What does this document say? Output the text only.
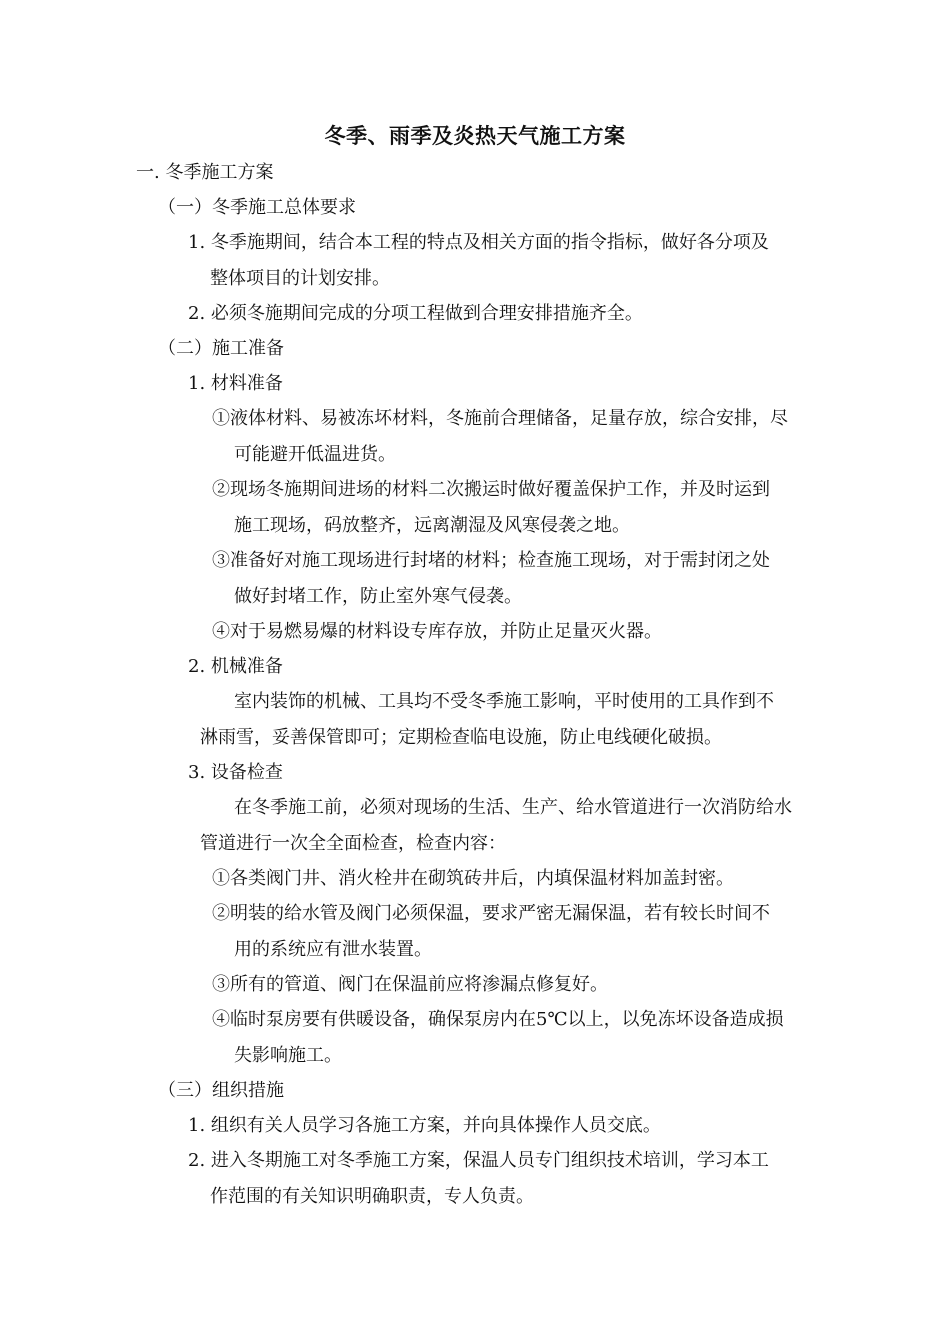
冬季、雨季及炎热天气施工方案
一. 冬季施工方案
（一）冬季施工总体要求
1. 冬季施期间，结合本工程的特点及相关方面的指令指标，做好各分项及
整体项目的计划安排。
2. 必须冬施期间完成的分项工程做到合理安排措施齐全。
（二）施工准备
1. 材料准备
①液体材料、易被冻坏材料，冬施前合理储备，足量存放，综合安排，尽
可能避开低温进货。
②现场冬施期间进场的材料二次搬运时做好覆盖保护工作，并及时运到
施工现场，码放整齐，远离潮湿及风寒侵袭之地。
③准备好对施工现场进行封堵的材料；检查施工现场，对于需封闭之处
做好封堵工作，防止室外寒气侵袭。
④对于易燃易爆的材料设专库存放，并防止足量灭火器。
2. 机械准备
室内装饰的机械、工具均不受冬季施工影响，平时使用的工具作到不
淋雨雪，妥善保管即可；定期检查临电设施，防止电线硬化破损。
3. 设备检查
在冬季施工前，必须对现场的生活、生产、给水管道进行一次消防给水
管道进行一次全全面检查，检查内容：
①各类阀门井、消火栓井在砌筑砖井后，内填保温材料加盖封密。
②明装的给水管及阀门必须保温，要求严密无漏保温，若有较长时间不
用的系统应有泄水装置。
③所有的管道、阀门在保温前应将渗漏点修复好。
④临时泵房要有供暖设备，确保泵房内在5℃以上，以免冻坏设备造成损
失影响施工。
（三）组织措施
1. 组织有关人员学习各施工方案，并向具体操作人员交底。
2. 进入冬期施工对冬季施工方案，保温人员专门组织技术培训，学习本工
作范围的有关知识明确职责，专人负责。
